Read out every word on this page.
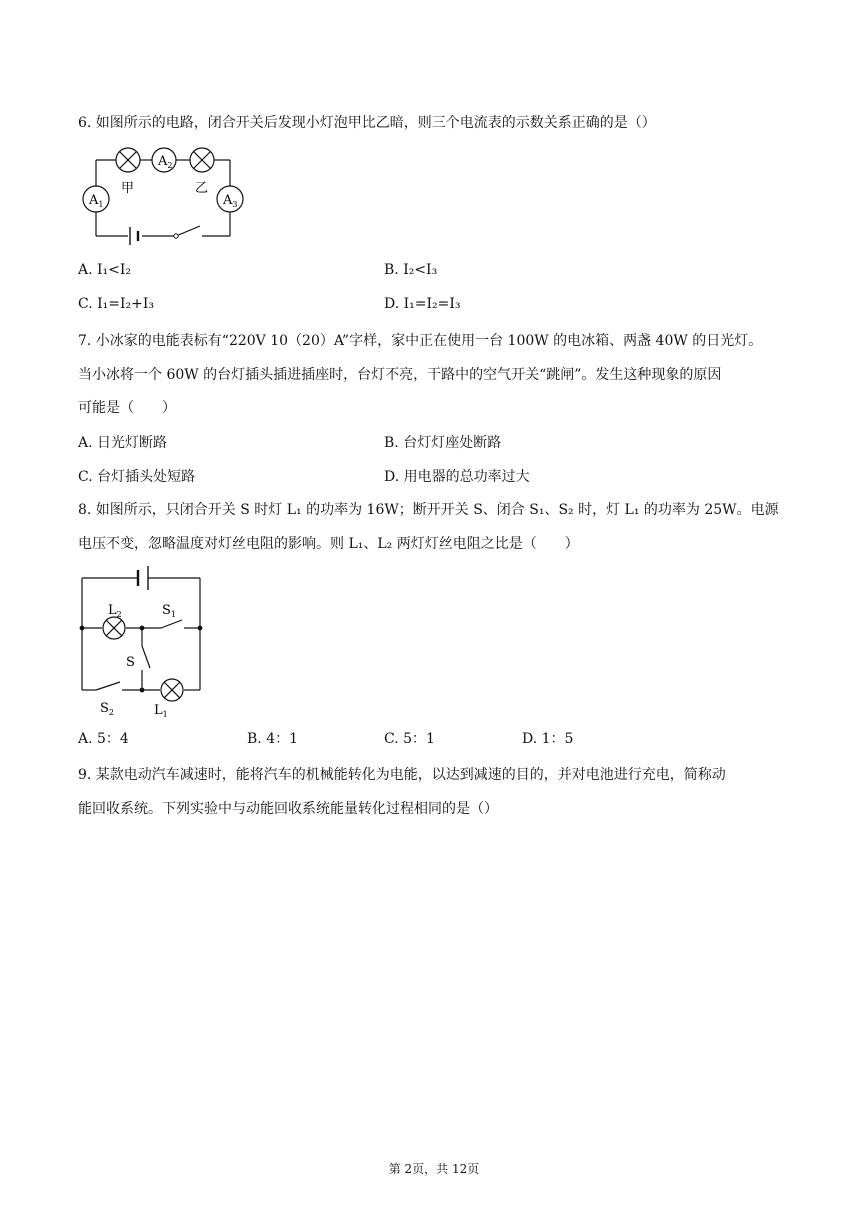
6. 如图所示的电路，闭合开关后发现小灯泡甲比乙暗，则三个电流表的示数关系正确的是（）
$A_2$
$A_1$	$A_3$
甲	乙
A. I₁<I₂	B. I₂<I₃
C. I₁=I₂+I₃	D. I₁=I₂=I₃
7. 小冰家的电能表标有“220V 10（20）A”字样，家中正在使用一台 100W 的电冰箱、两盏 40W 的日光灯。
当小冰将一个 60W 的台灯插头插进插座时，台灯不亮，干路中的空气开关“跳闸”。发生这种现象的原因
可能是（　　）
A. 日光灯断路	B. 台灯灯座处断路
C. 台灯插头处短路	D. 用电器的总功率过大
8. 如图所示，只闭合开关 S 时灯 L₁ 的功率为 16W；断开开关 S、闭合 S₁、S₂ 时，灯 L₁ 的功率为 25W。电源
电压不变，忽略温度对灯丝电阻的影响。则 L₁、L₂ 两灯灯丝电阻之比是（　　）
$L_2$	$S_1$
S
$S_2$	$L_1$
A. 5：4	B. 4：1	C. 5：1	D. 1：5
9. 某款电动汽车减速时，能将汽车的机械能转化为电能，以达到减速的目的，并对电池进行充电，简称动
能回收系统。下列实验中与动能回收系统能量转化过程相同的是（）
第 2页，共 12页
